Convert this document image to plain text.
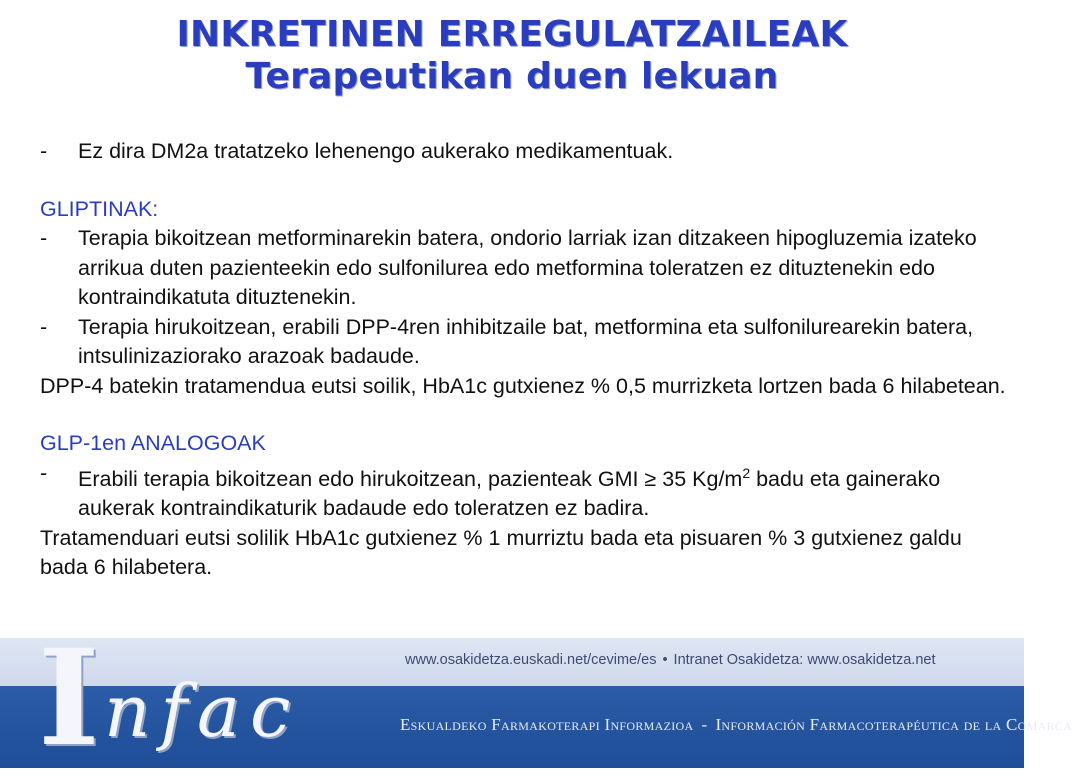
INKRETINEN ERREGULATZAILEAK
Terapeutikan duen lekuan
-	Ez dira DM2a tratatzeko lehenengo aukerako medikamentuak.
GLIPTINAK:
-	Terapia bikoitzean metforminarekin batera, ondorio larriak izan ditzakeen hipogluzemia izateko arrikua duten pazienteekin edo sulfonilurea edo metformina toleratzen ez dituztenekin edo kontraindikatuta dituztenekin.
-	Terapia hirukoitzean, erabili DPP-4ren inhibitzaile bat, metformina eta sulfonilurearekin batera, intsulinizaziorako arazoak badaude.
DPP-4 batekin tratamendua eutsi soilik, HbA1c gutxienez % 0,5 murrizketa lortzen bada 6 hilabetean.
GLP-1en ANALOGOAK
-	Erabili terapia bikoitzean edo hirukoitzean, pazienteak GMI ≥ 35 $Kg/m^2$ badu eta gainerako aukerak kontraindikaturik badaude edo toleratzen ez badira.
Tratamenduari eutsi solilik HbA1c gutxienez % 1 murriztu bada eta pisuaren % 3 gutxienez galdu bada 6 hilabetera.
I nfac
www.osakidetza.euskadi.net/cevime/es • Intranet Osakidetza: www.osakidetza.net
Eskualdeko Farmakoterapi Informazioa - Información Farmacoterapéutica de la Comarca
